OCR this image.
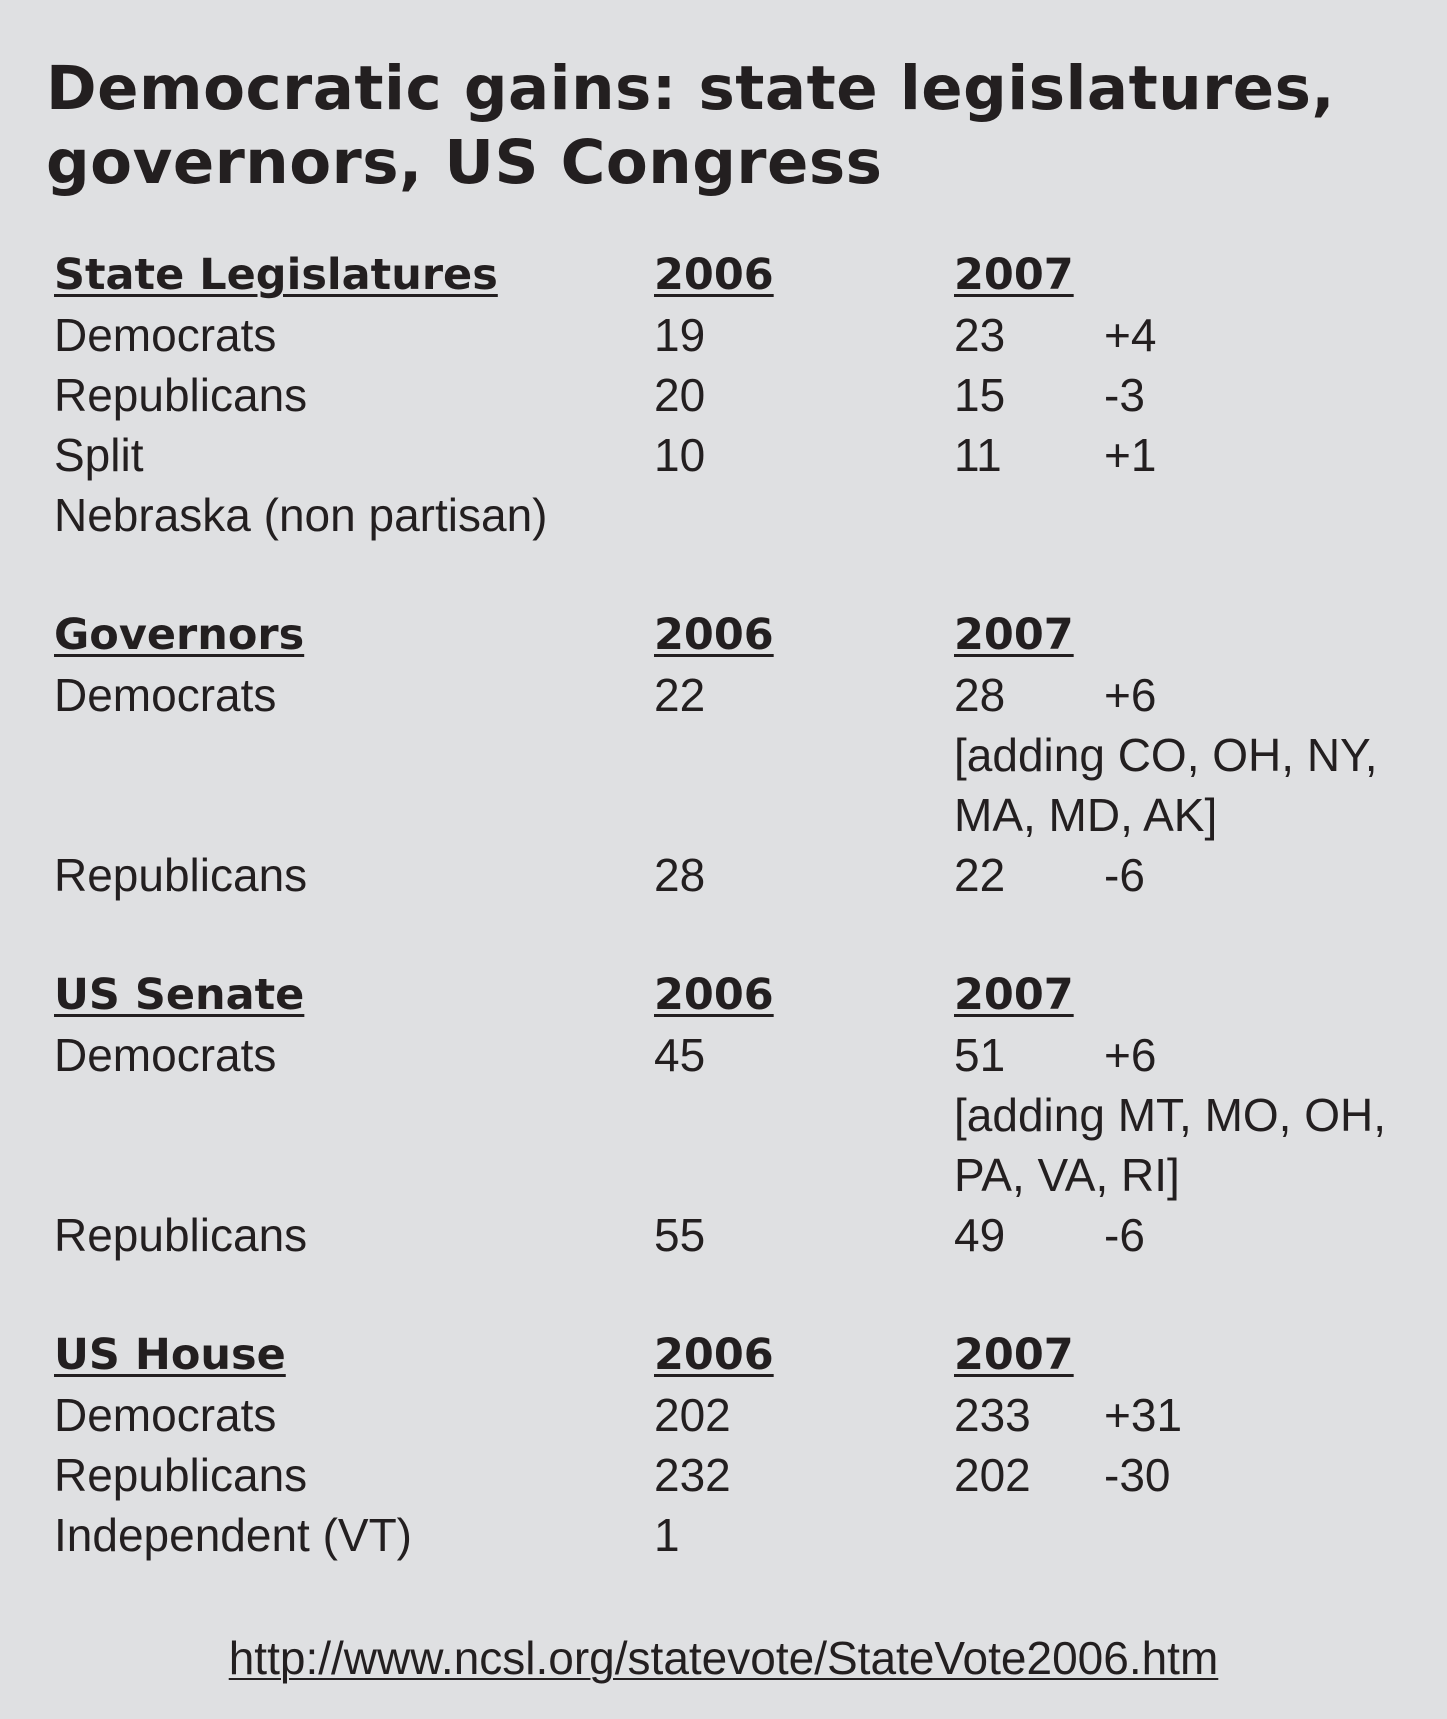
Democratic gains: state legislatures,
governors, US Congress
State Legislatures	2006	2007
Democrats	19	23 +4
Republicans	20	15 -3
Split	10	11 +1
Nebraska (non partisan)
Governors	2006	2007
Democrats	22	28 +6
[adding CO, OH, NY, MA, MD, AK]
Republicans	28	22 -6
US Senate	2006	2007
Democrats	45	51 +6
[adding MT, MO, OH, PA, VA, RI]
Republicans	55	49 -6
US House	2006	2007
Democrats	202	233 +31
Republicans	232	202 -30
Independent (VT)	1
http://www.ncsl.org/statevote/StateVote2006.htm
